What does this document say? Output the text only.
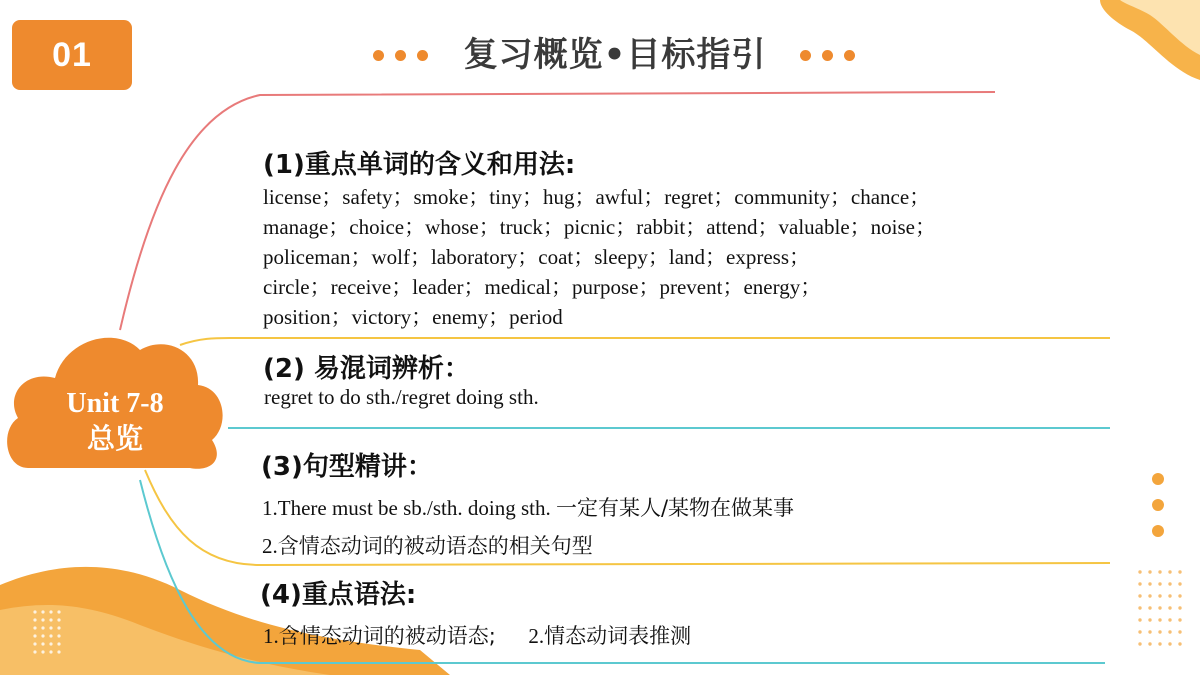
01	复习概览•目标指引
Unit 7-8
总览
(1)重点单词的含义和用法:
license；safety；smoke；tiny；hug；awful；regret；community；chance；
manage；choice；whose；truck；picnic；rabbit；attend；valuable；noise；
policeman；wolf；laboratory；coat；sleepy；land；express；
circle；receive；leader；medical；purpose；prevent；energy；
position；victory；enemy；period
(2) 易混词辨析：
regret to do sth./regret doing sth.
(3)句型精讲：
1.There must be sb./sth. doing sth. 一定有某人/某物在做某事
2.含情态动词的被动语态的相关句型
(4)重点语法:
1.含情态动词的被动语态; 2.情态动词表推测
